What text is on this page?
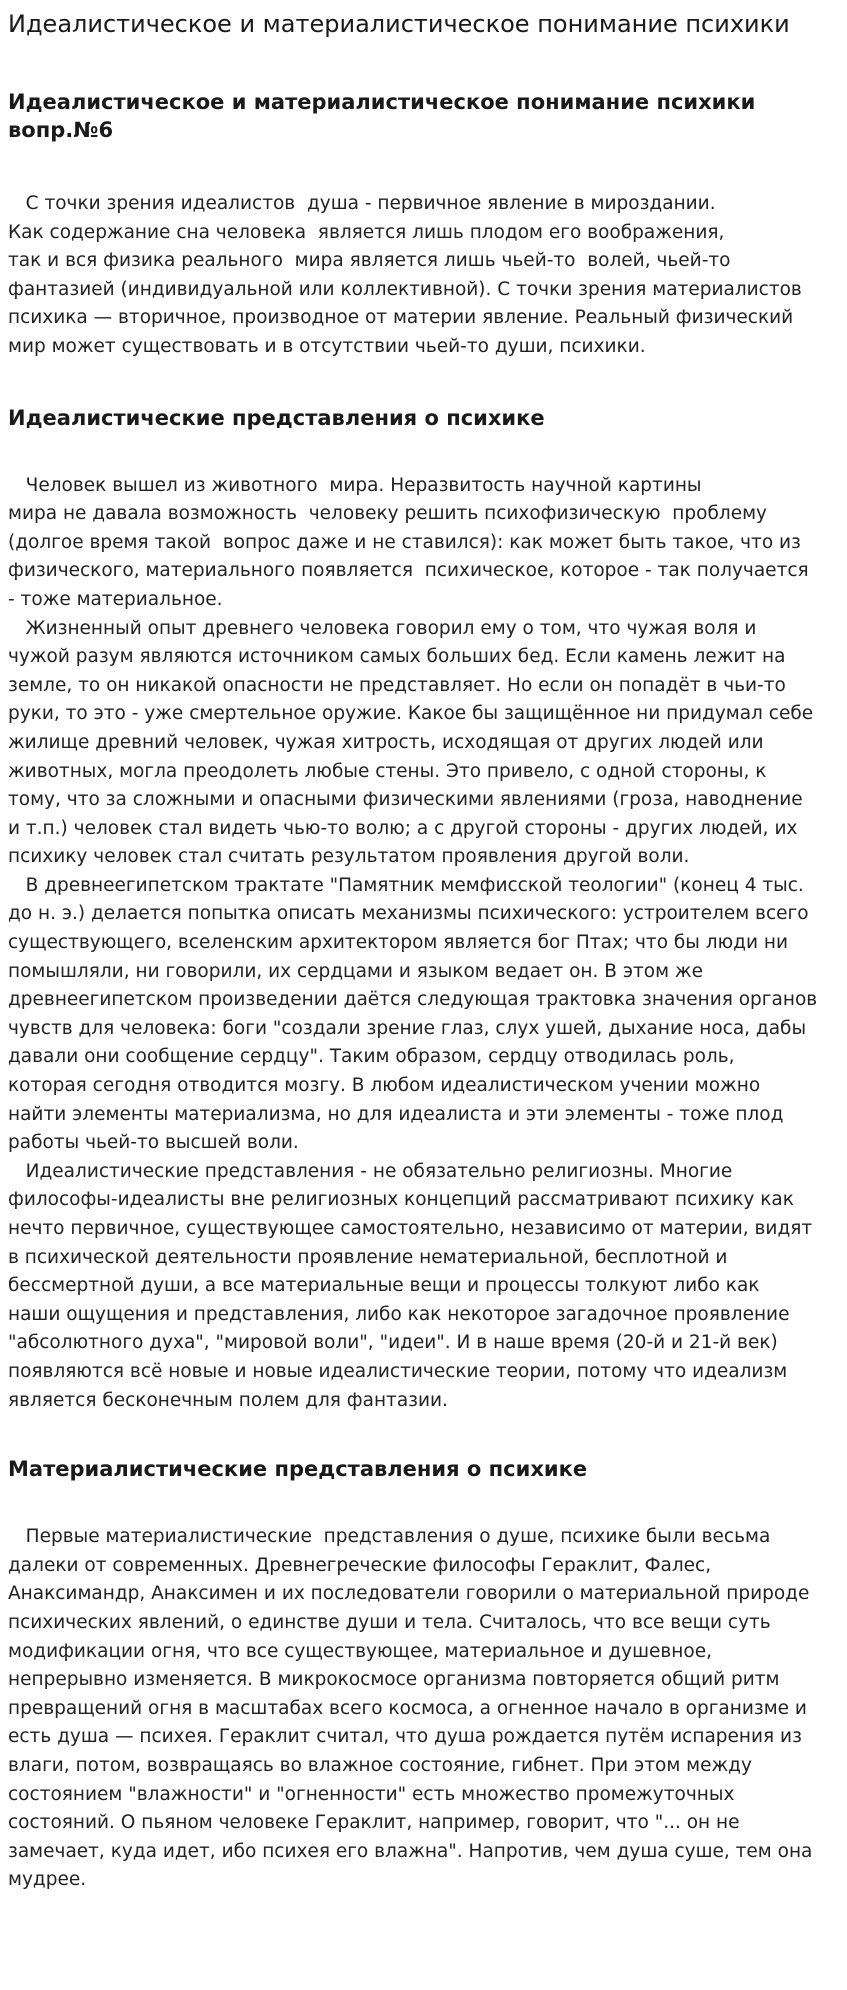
Идеалистическое и материалистическое понимание психики
Идеалистическое и материалистическое понимание психики
вопр.№6
С точки зрения идеалистов  душа - первичное явление в мироздании.
Как содержание сна человека  является лишь плодом его воображения,
так и вся физика реального  мира является лишь чьей-то  волей, чьей-то
фантазией (индивидуальной или коллективной). С точки зрения материалистов
психика — вторичное, производное от материи явление. Реальный физический
мир может существовать и в отсутствии чьей-то души, психики.
Идеалистические представления о психике
Человек вышел из животного  мира. Неразвитость научной картины
мира не давала возможность  человеку решить психофизическую  проблему
(долгое время такой  вопрос даже и не ставился): как может быть такое, что из
физического, материального появляется  психическое, которое - так получается
- тоже материальное.
Жизненный опыт древнего человека говорил ему о том, что чужая воля и
чужой разум являются источником самых больших бед. Если камень лежит на
земле, то он никакой опасности не представляет. Но если он попадёт в чьи-то
руки, то это - уже смертельное оружие. Какое бы защищённое ни придумал себе
жилище древний человек, чужая хитрость, исходящая от других людей или
животных, могла преодолеть любые стены. Это привело, с одной стороны, к
тому, что за сложными и опасными физическими явлениями (гроза, наводнение
и т.п.) человек стал видеть чью-то волю; а с другой стороны - других людей, их
психику человек стал считать результатом проявления другой воли.
В древнеегипетском трактате "Памятник мемфисской теологии" (конец 4 тыс.
до н. э.) делается попытка описать механизмы психического: устроителем всего
существующего, вселенским архитектором является бог Птах; что бы люди ни
помышляли, ни говорили, их сердцами и языком ведает он. В этом же
древнеегипетском произведении даётся следующая трактовка значения органов
чувств для человека: боги "создали зрение глаз, слух ушей, дыхание носа, дабы
давали они сообщение сердцу". Таким образом, сердцу отводилась роль,
которая сегодня отводится мозгу. В любом идеалистическом учении можно
найти элементы материализма, но для идеалиста и эти элементы - тоже плод
работы чьей-то высшей воли.
Идеалистические представления - не обязательно религиозны. Многие
философы-идеалисты вне религиозных концепций рассматривают психику как
нечто первичное, существующее самостоятельно, независимо от материи, видят
в психической деятельности проявление нематериальной, бесплотной и
бессмертной души, а все материальные вещи и процессы толкуют либо как
наши ощущения и представления, либо как некоторое загадочное проявление
"абсолютного духа", "мировой воли", "идеи". И в наше время (20-й и 21-й век)
появляются всё новые и новые идеалистические теории, потому что идеализм
является бесконечным полем для фантазии.
Материалистические представления о психике
Первые материалистические  представления о душе, психике были весьма
далеки от современных. Древнегреческие философы Гераклит, Фалес,
Анаксимандр, Анаксимен и их последователи говорили о материальной природе
психических явлений, о единстве души и тела. Считалось, что все вещи суть
модификации огня, что все существующее, материальное и душевное,
непрерывно изменяется. В микрокосмосе организма повторяется общий ритм
превращений огня в масштабах всего космоса, а огненное начало в организме и
есть душа — психея. Гераклит считал, что душа рождается путём испарения из
влаги, потом, возвращаясь во влажное состояние, гибнет. При этом между
состоянием "влажности" и "огненности" есть множество промежуточных
состояний. О пьяном человеке Гераклит, например, говорит, что "... он не
замечает, куда идет, ибо психея его влажна". Напротив, чем душа суше, тем она
мудрее.
